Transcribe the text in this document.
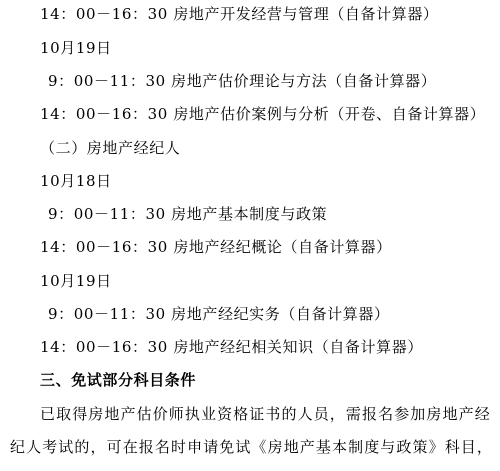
14：00－16：30 房地产开发经营与管理（自备计算器）
10月19日
9：00－11：30 房地产估价理论与方法（自备计算器）
14：00－16：30 房地产估价案例与分析（开卷、自备计算器）
（二）房地产经纪人
10月18日
9：00－11：30 房地产基本制度与政策
14：00－16：30 房地产经纪概论（自备计算器）
10月19日
9：00－11：30 房地产经纪实务（自备计算器）
14：00－16：30 房地产经纪相关知识（自备计算器）
三、免试部分科目条件
已取得房地产估价师执业资格证书的人员，需报名参加房地产经
纪人考试的，可在报名时申请免试《房地产基本制度与政策》科目，
